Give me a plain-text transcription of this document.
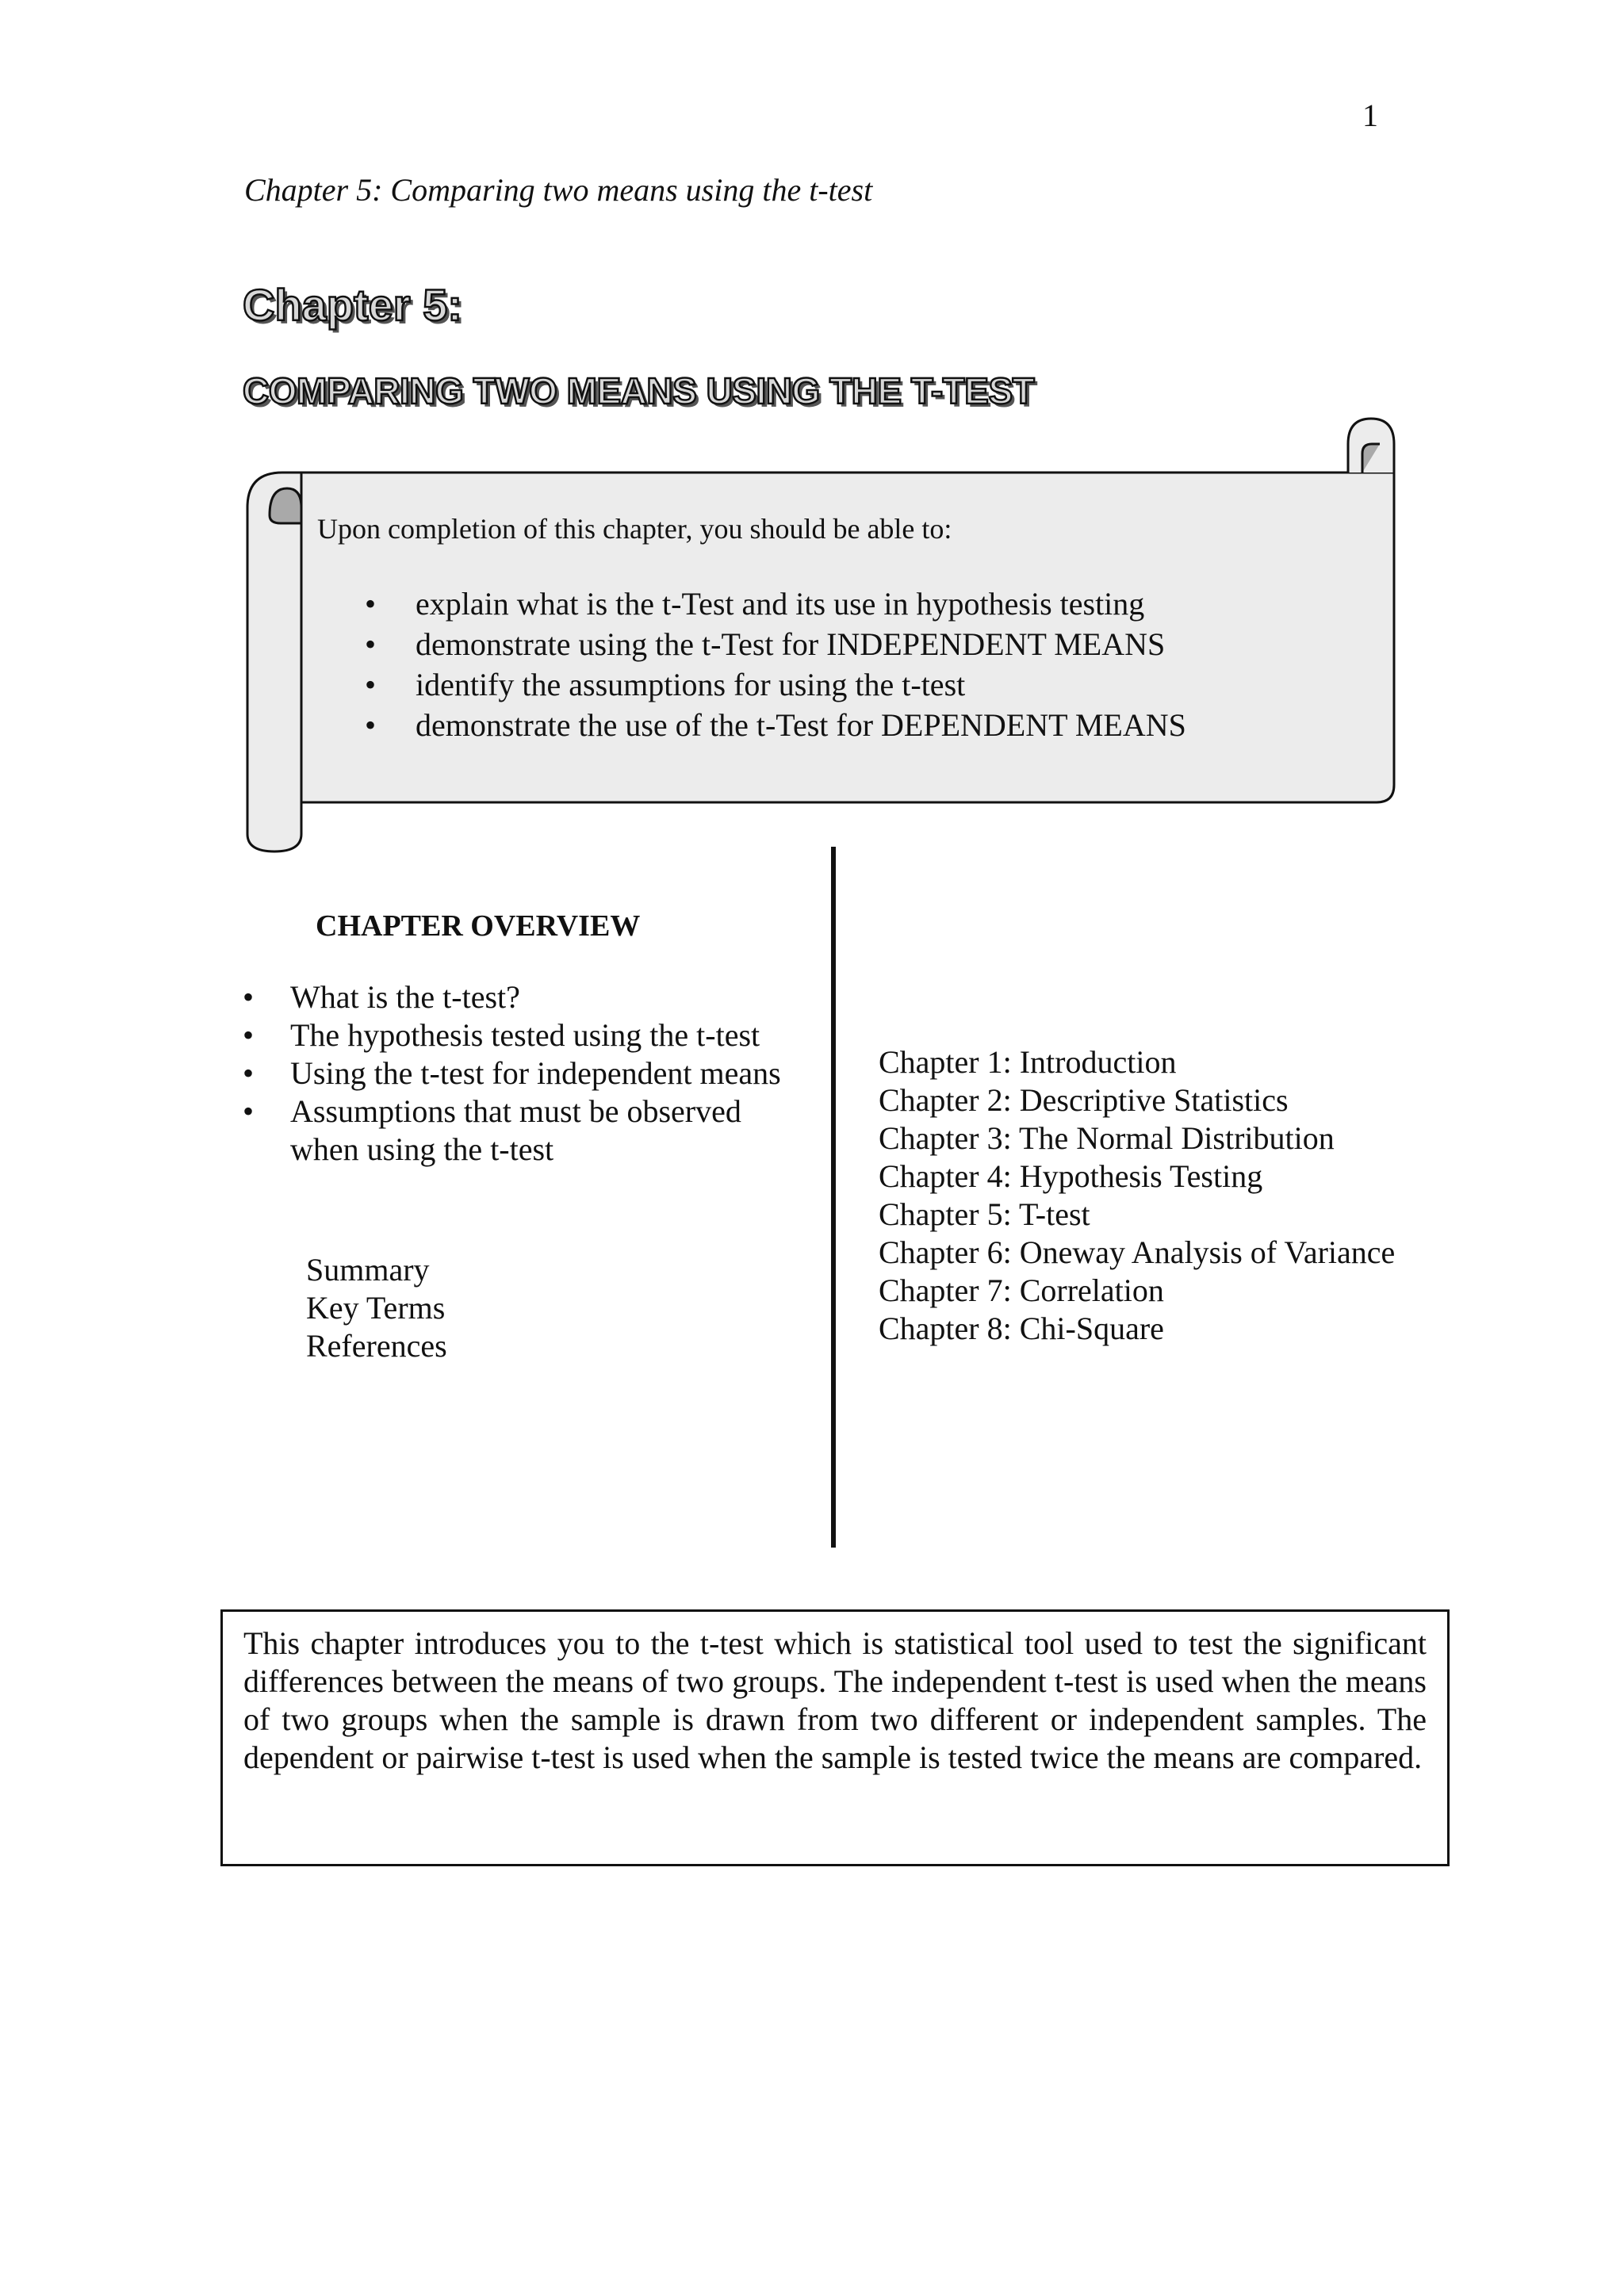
1
Chapter 5: Comparing two means using the t-test
Chapter 5:
COMPARING TWO MEANS USING THE T-TEST
Upon completion of this chapter, you should be able to:
• explain what is the t-Test and its use in hypothesis testing
• demonstrate using the t-Test for INDEPENDENT MEANS
• identify the assumptions for using the t-test
• demonstrate the use of the t-Test for DEPENDENT MEANS
CHAPTER OVERVIEW
• What is the t-test?
• The hypothesis tested using the t-test
• Using the t-test for independent means
• Assumptions that must be observed when using the t-test
Summary
Key Terms
References
Chapter 1: Introduction
Chapter 2: Descriptive Statistics
Chapter 3: The Normal Distribution
Chapter 4: Hypothesis Testing
Chapter 5: T-test
Chapter 6: Oneway Analysis of Variance
Chapter 7: Correlation
Chapter 8: Chi-Square

This chapter introduces you to the t-test which is statistical tool used to test the significant differences between the means of two groups. The independent t-test is used when the means of two groups when the sample is drawn from two different or independent samples. The dependent or pairwise t-test is used when the sample is tested twice the means are compared.
